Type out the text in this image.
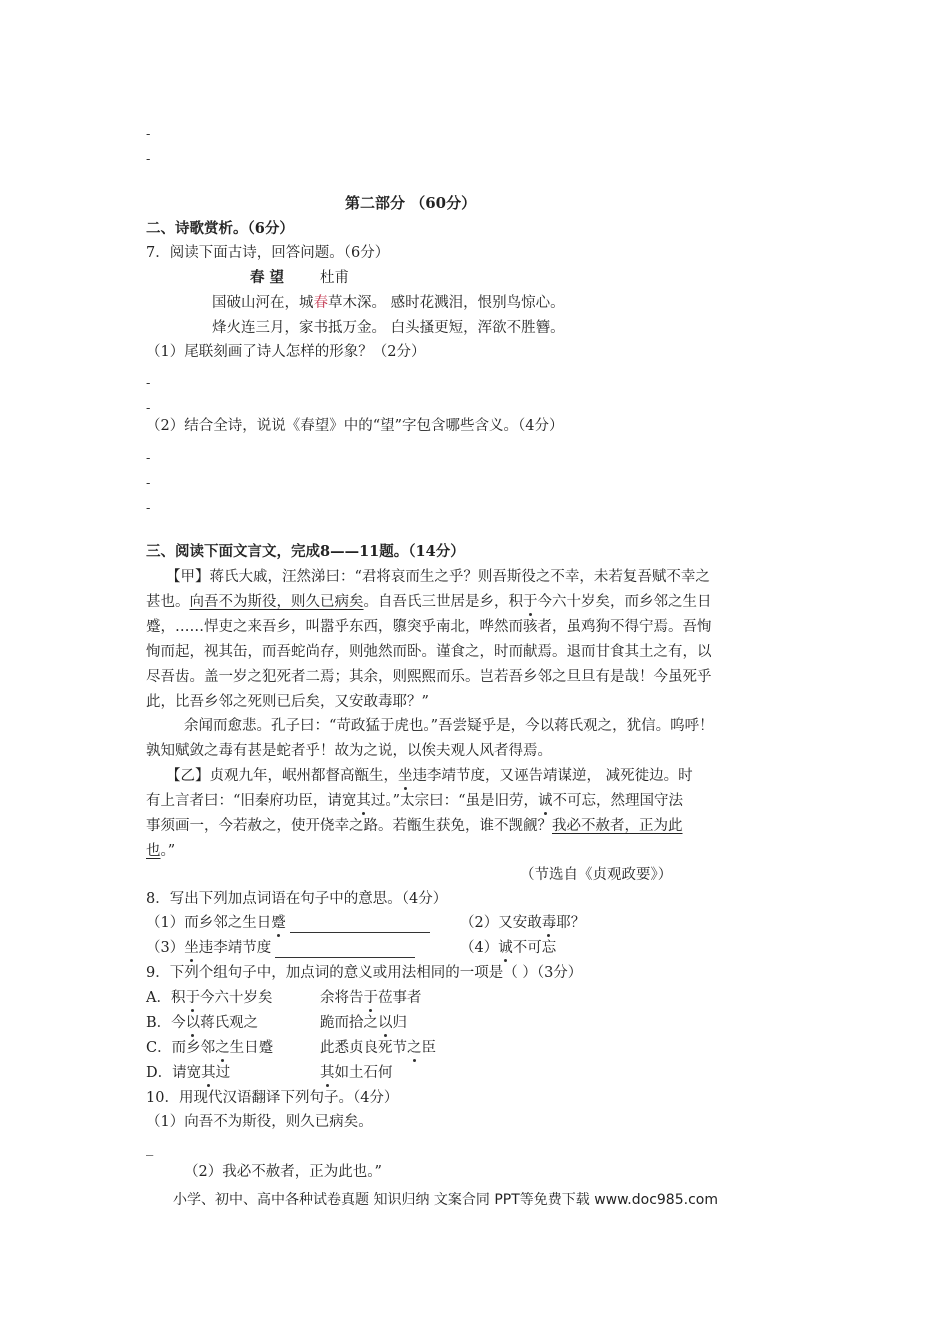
-
-
第二部分 （60分）
二、诗歌赏析。（6分）
7．阅读下面古诗，回答问题。（6分）
春 望 杜甫
国破山河在，城春草木深。 感时花溅泪，恨别鸟惊心。
烽火连三月，家书抵万金。 白头搔更短，浑欲不胜簪。
（1）尾联刻画了诗人怎样的形象？（2分）
-
-
（2）结合全诗，说说《春望》中的“望”字包含哪些含义。（4分）
-
-
-
三、阅读下面文言文，完成8——11题。（14分）
【甲】蒋氏大戚，汪然涕曰：“君将哀而生之乎？则吾斯役之不幸，未若复吾赋不幸之
甚也。向吾不为斯役，则久已病矣。自吾氏三世居是乡，积于今六十岁矣，而乡邻之生日
蹙，……悍吏之来吾乡，叫嚣乎东西，隳突乎南北，哗然而骇者，虽鸡狗不得宁焉。吾恂
恂而起，视其缶，而吾蛇尚存，则弛然而卧。谨食之，时而献焉。退而甘食其土之有，以
尽吾齿。盖一岁之犯死者二焉；其余，则熙熙而乐。岂若吾乡邻之旦旦有是哉！今虽死乎
此，比吾乡邻之死则已后矣，又安敢毒耶？”
余闻而愈悲。孔子曰：“苛政猛于虎也。”吾尝疑乎是，今以蒋氏观之，犹信。呜呼！
孰知赋敛之毒有甚是蛇者乎！故为之说，以俟夫观人风者得焉。
【乙】贞观九年，岷州都督高甑生，坐违李靖节度，又诬告靖谋逆， 减死徙边。时
有上言者曰：“旧秦府功臣，请宽其过。”太宗曰：“虽是旧劳，诚不可忘，然理国守法
事须画一，今若赦之，使开侥幸之路。若甑生获免，谁不觊觎？我必不赦者，正为此
也。”
（节选自《贞观政要》）
8．写出下列加点词语在句子中的意思。（4分）
（1）而乡邻之生日蹙	（2）又安敢毒耶？
（3）坐违李靖节度	（4）诚不可忘
9．下列个组句子中，加点词的意义或用法相同的一项是（ ）（3分）
A．积于今六十岁矣	余将告于莅事者
B．今以蒋氏观之	跪而拾之以归
C．而乡邻之生日蹙	此悉贞良死节之臣
D．请宽其过	其如土石何
10．用现代汉语翻译下列句子。（4分）
（1）向吾不为斯役，则久已病矣。
_
（2）我必不赦者，正为此也。”
小学、初中、高中各种试卷真题 知识归纳 文案合同 PPT等免费下载 www.doc985.com
